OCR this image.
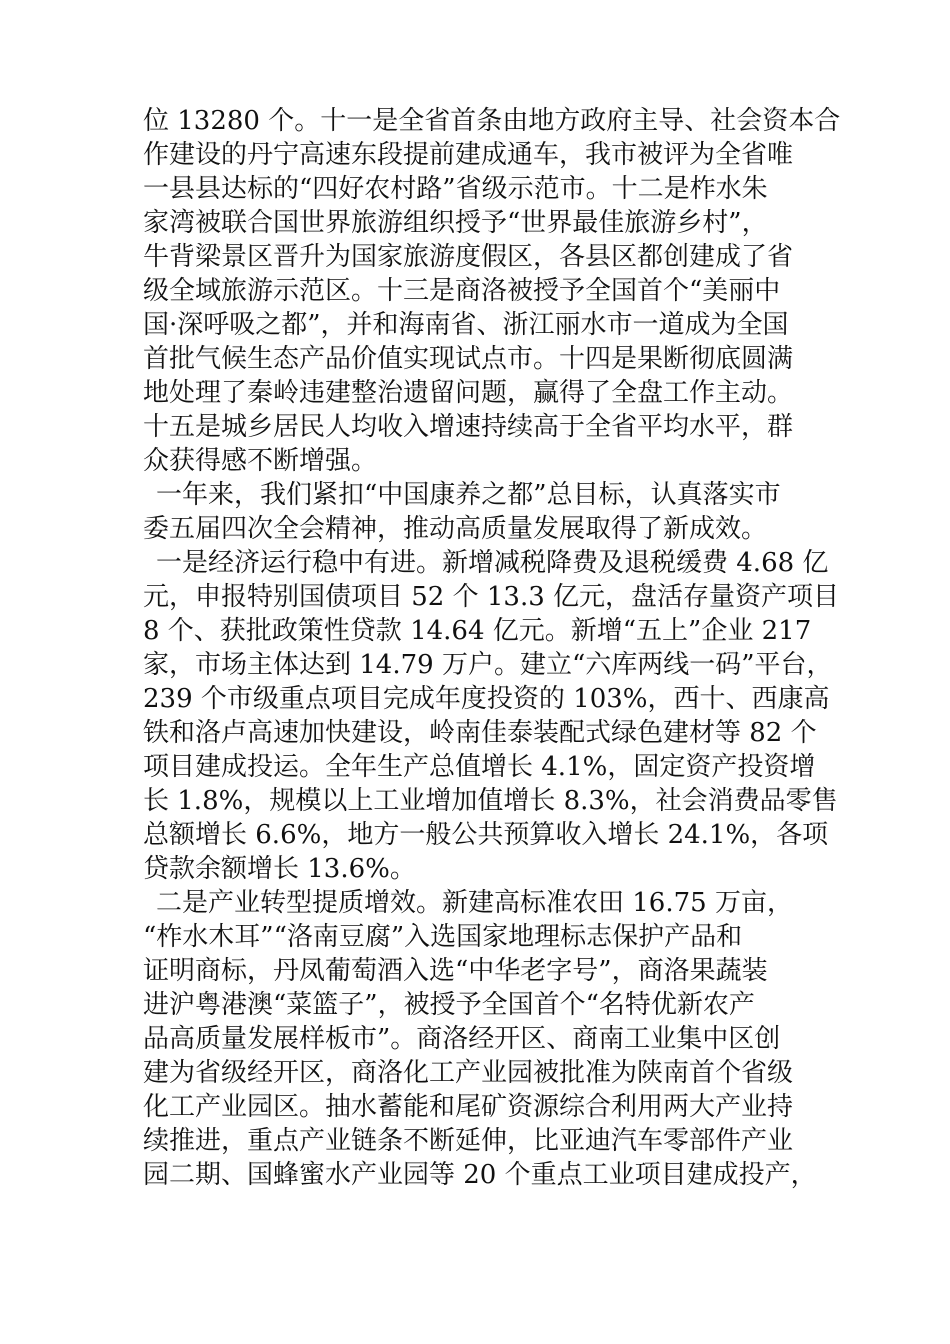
位 13280 个。十一是全省首条由地方政府主导、社会资本合
作建设的丹宁高速东段提前建成通车，我市被评为全省唯
一县县达标的“四好农村路”省级示范市。十二是柞水朱
家湾被联合国世界旅游组织授予“世界最佳旅游乡村”，
牛背梁景区晋升为国家旅游度假区，各县区都创建成了省
级全域旅游示范区。十三是商洛被授予全国首个“美丽中
国·深呼吸之都”，并和海南省、浙江丽水市一道成为全国
首批气候生态产品价值实现试点市。十四是果断彻底圆满
地处理了秦岭违建整治遗留问题，赢得了全盘工作主动。
十五是城乡居民人均收入增速持续高于全省平均水平，群
众获得感不断增强。
一年来，我们紧扣“中国康养之都”总目标，认真落实市
委五届四次全会精神，推动高质量发展取得了新成效。
一是经济运行稳中有进。新增减税降费及退税缓费 4.68 亿
元，申报特别国债项目 52 个 13.3 亿元，盘活存量资产项目
8 个、获批政策性贷款 14.64 亿元。新增“五上”企业 217
家，市场主体达到 14.79 万户。建立“六库两线一码”平台，
239 个市级重点项目完成年度投资的 103%，西十、西康高
铁和洛卢高速加快建设，岭南佳泰装配式绿色建材等 82 个
项目建成投运。全年生产总值增长 4.1%，固定资产投资增
长 1.8%，规模以上工业增加值增长 8.3%，社会消费品零售
总额增长 6.6%，地方一般公共预算收入增长 24.1%，各项
贷款余额增长 13.6%。
二是产业转型提质增效。新建高标准农田 16.75 万亩，
“柞水木耳”“洛南豆腐”入选国家地理标志保护产品和
证明商标，丹凤葡萄酒入选“中华老字号”，商洛果蔬装
进沪粤港澳“菜篮子”，被授予全国首个“名特优新农产
品高质量发展样板市”。商洛经开区、商南工业集中区创
建为省级经开区，商洛化工产业园被批准为陕南首个省级
化工产业园区。抽水蓄能和尾矿资源综合利用两大产业持
续推进，重点产业链条不断延伸，比亚迪汽车零部件产业
园二期、国蜂蜜水产业园等 20 个重点工业项目建成投产，
